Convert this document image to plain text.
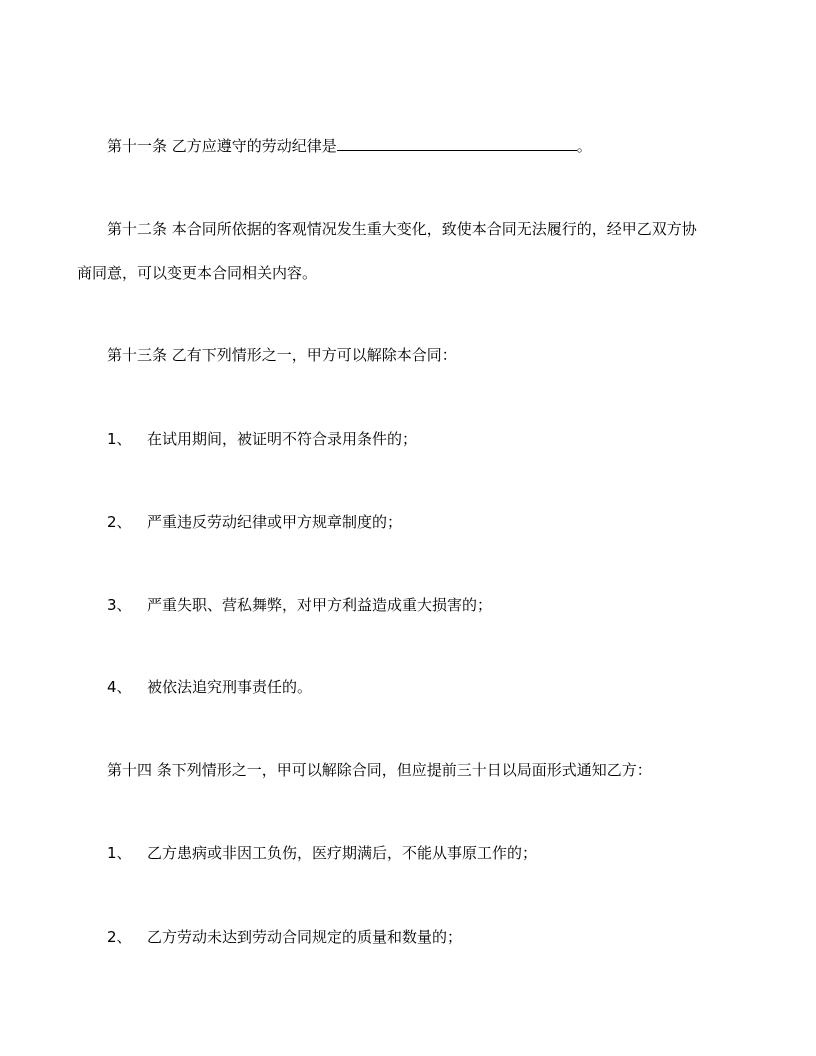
第十一条 乙方应遵守的劳动纪律是	。
第十二条 本合同所依据的客观情况发生重大变化，致使本合同无法履行的，经甲乙双方协
商同意，可以变更本合同相关内容。
第十三条 乙有下列情形之一，甲方可以解除本合同：
1、 在试用期间，被证明不符合录用条件的；
2、 严重违反劳动纪律或甲方规章制度的；
3、 严重失职、营私舞弊，对甲方利益造成重大损害的；
4、 被依法追究刑事责任的。
第十四 条下列情形之一，甲可以解除合同，但应提前三十日以局面形式通知乙方：
1、 乙方患病或非因工负伤，医疗期满后，不能从事原工作的；
2、 乙方劳动未达到劳动合同规定的质量和数量的；
